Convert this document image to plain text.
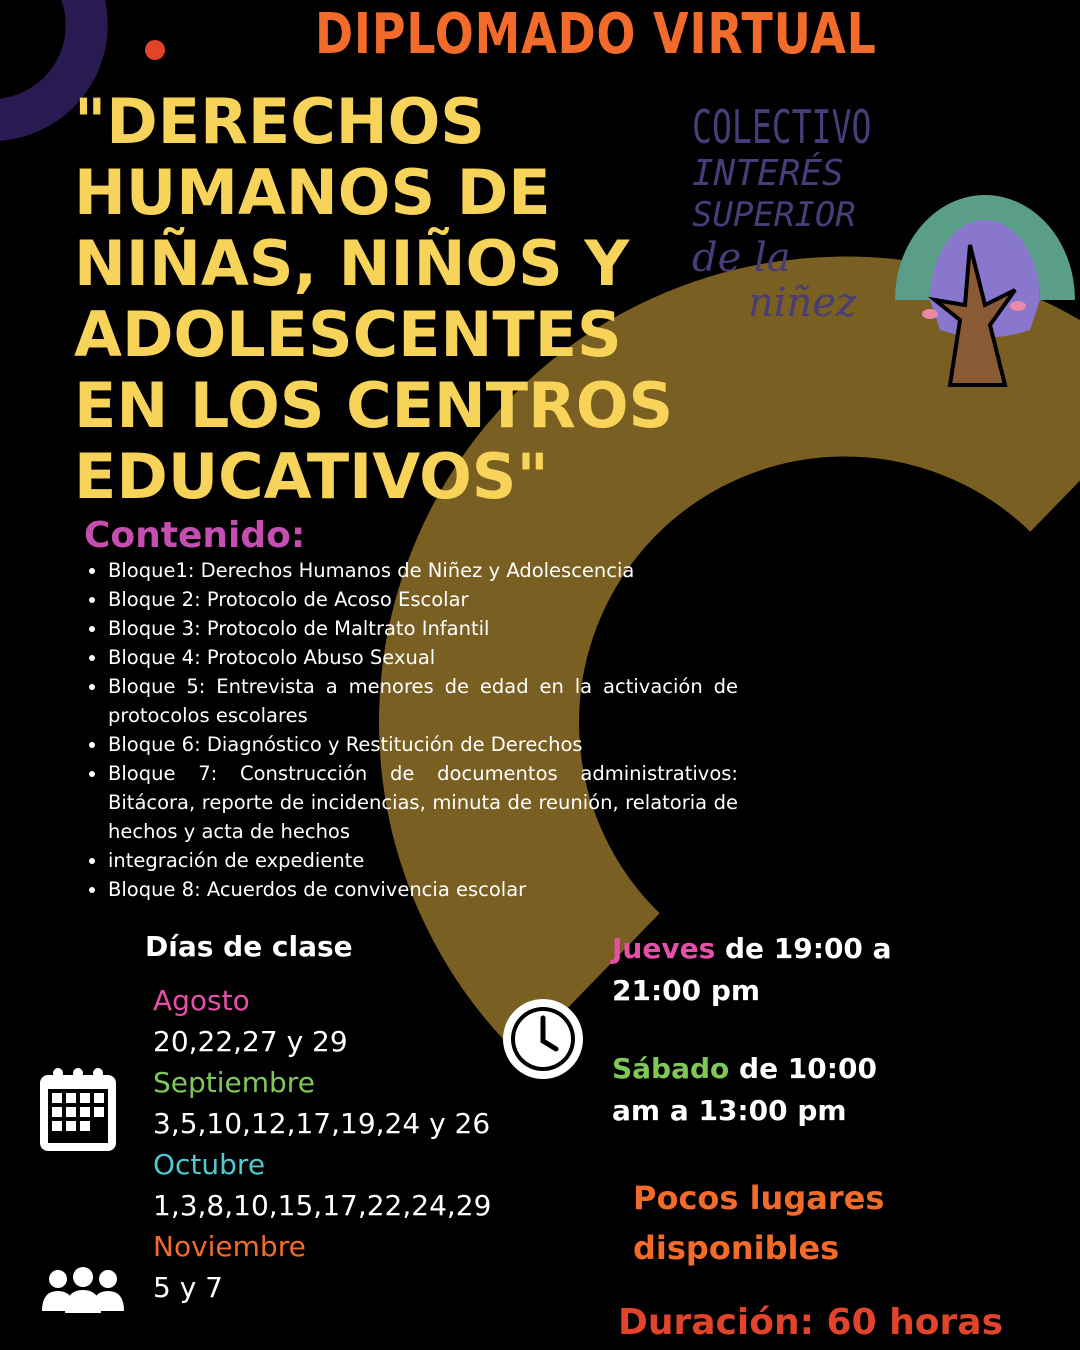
DIPLOMADO VIRTUAL
"DERECHOS
HUMANOS DE
NIÑAS, NIÑOS Y
ADOLESCENTES
EN LOS CENTROS
EDUCATIVOS"
COLECTIVO
INTERÉS
SUPERIOR
de la
niñez
Contenido:
• Bloque1: Derechos Humanos de Niñez y Adolescencia
• Bloque 2: Protocolo de Acoso Escolar
• Bloque 3: Protocolo de Maltrato Infantil
• Bloque 4: Protocolo Abuso Sexual
• Bloque 5: Entrevista a menores de edad en la activación de protocolos escolares
• Bloque 6: Diagnóstico y Restitución de Derechos
• Bloque 7: Construcción de documentos administrativos: Bitácora, reporte de incidencias, minuta de reunión, relatoria de hechos y acta de hechos
• integración de expediente
• Bloque 8: Acuerdos de convivencia escolar
Días de clase
Agosto
20,22,27 y 29
Septiembre
3,5,10,12,17,19,24 y 26
Octubre
1,3,8,10,15,17,22,24,29
Noviembre
5 y 7
Jueves de 19:00 a 21:00 pm
Sábado de 10:00 am a 13:00 pm
Pocos lugares disponibles
Duración: 60 horas
